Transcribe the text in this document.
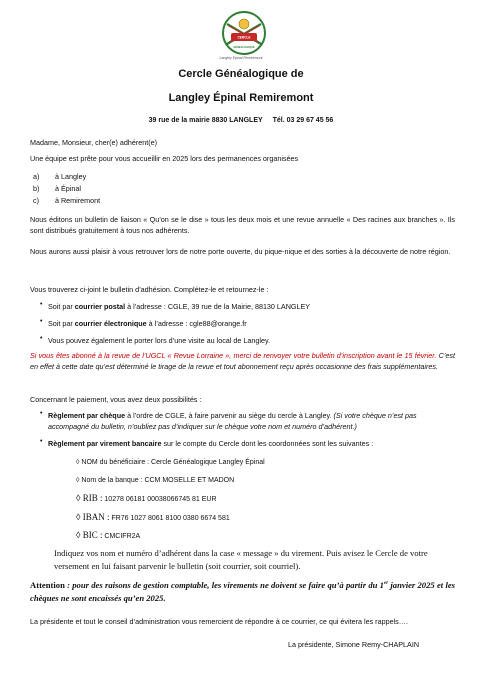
CERCLE
GÉNÉALOGIQUE
Langley Épinal Remiremont
Cercle Généalogique de
Langley Épinal Remiremont
39 rue de la mairie 8830 LANGLEY Tél. 03 29 67 45 56
Madame, Monsieur, cher(e) adhérent(e)
Une équipe est prête pour vous accueillir en 2025 lors des permanences organisées
a) à Langley
b) à Épinal
c) à Remiremont
Nous éditons un bulletin de liaison « Qu’on se le dise » tous les deux mois et une revue annuelle « Des racines aux branches ». Ils sont distribués gratuitement à tous nos adhérents.
Nous aurons aussi plaisir à vous retrouver lors de notre porte ouverte, du pique-nique et des sorties à la découverte de notre région.
Vous trouverez ci-joint le bulletin d’adhésion. Complétez-le et retournez-le :
• Soit par courrier postal à l’adresse : CGLE, 39 rue de la Mairie, 88130 LANGLEY
• Soit par courrier électronique à l’adresse : cgle88@orange.fr
• Vous pouvez également le porter lors d’une visite au local de Langley.
Si vous êtes abonné à la revue de l’UGCL « Revue Lorraine », merci de renvoyer votre bulletin d’inscription avant le 15 février. C’est en effet à cette date qu’est déterminé le tirage de la revue et tout abonnement reçu après occasionne des frais supplémentaires.
Concernant le paiement, vous avez deux possibilités :
• Règlement par chèque à l’ordre de CGLE, à faire parvenir au siège du cercle à Langley. (Si votre chèque n’est pas accompagné du bulletin, n’oubliez pas d’indiquer sur le chèque votre nom et numéro d’adhérent.)
• Règlement par virement bancaire sur le compte du Cercle dont les coordonnées sont les suivantes :
◊ NOM du bénéficiaire : Cercle Généalogique Langley Épinal
◊ Nom de la banque : CCM MOSELLE ET MADON
◊ RIB : 10278 06181 00038066745 81 EUR
◊ IBAN : FR76 1027 8061 8100 0380 6674 581
◊ BIC : CMCIFR2A
Indiquez vos nom et numéro d’adhérent dans la case « message » du virement. Puis avisez le Cercle de votre versement en lui faisant parvenir le bulletin (soit courrier, soit courriel).
Attention : pour des raisons de gestion comptable, les virements ne doivent se faire qu’à partir du 1er janvier 2025 et les chèques ne sont encaissés qu’en 2025.
La présidente et tout le conseil d’administration vous remercient de répondre à ce courrier, ce qui évitera les rappels….
La présidente, Simone Remy-CHAPLAIN
